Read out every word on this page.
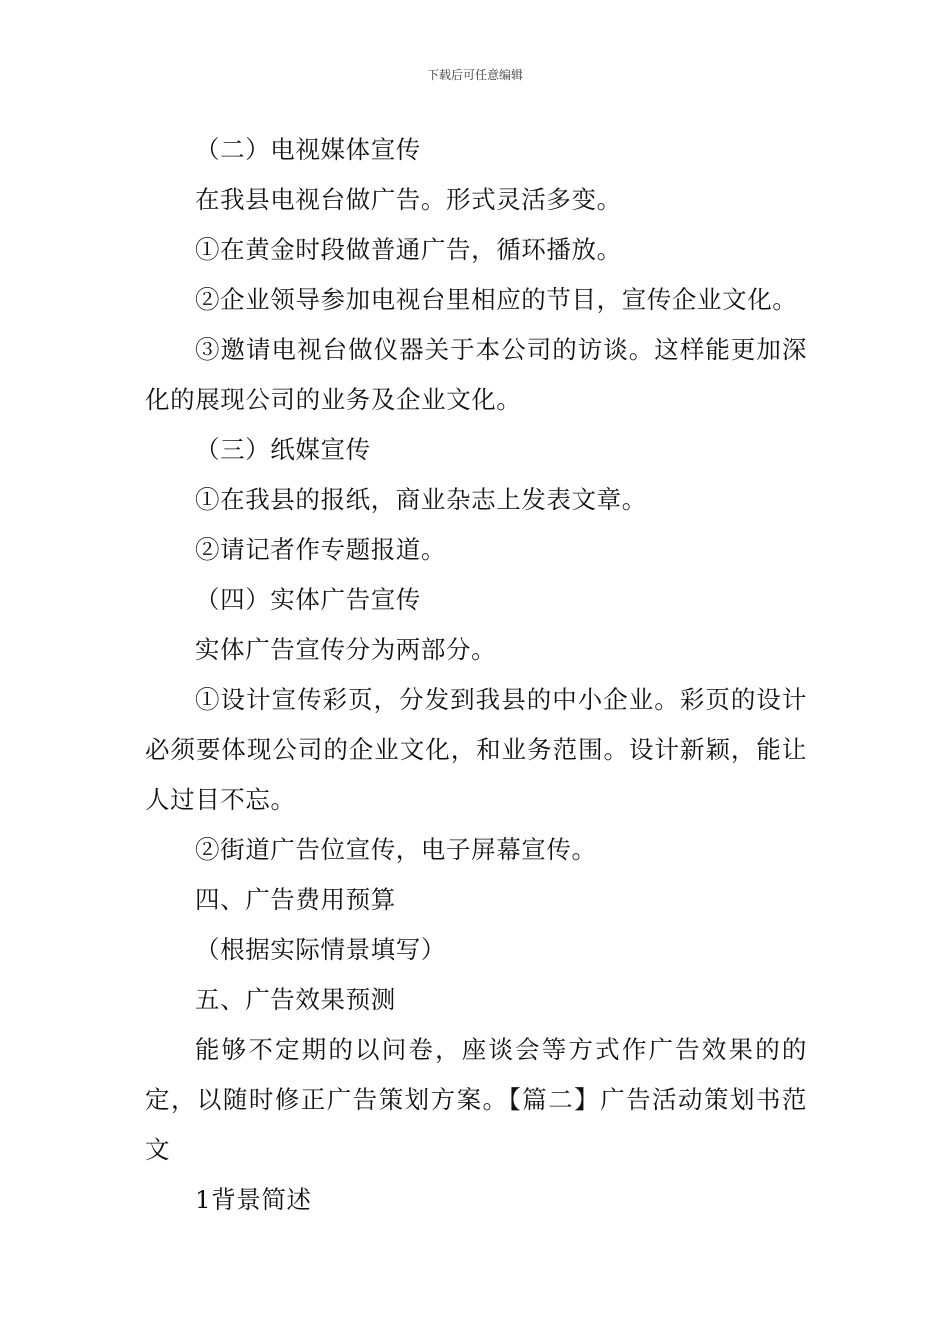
下载后可任意编辑

（二）电视媒体宣传

在我县电视台做广告。形式灵活多变。

①在黄金时段做普通广告，循环播放。

②企业领导参加电视台里相应的节目，宣传企业文化。

③邀请电视台做仪器关于本公司的访谈。这样能更加深化的展现公司的业务及企业文化。

（三）纸媒宣传

①在我县的报纸，商业杂志上发表文章。

②请记者作专题报道。

（四）实体广告宣传

实体广告宣传分为两部分。

①设计宣传彩页，分发到我县的中小企业。彩页的设计必须要体现公司的企业文化，和业务范围。设计新颖，能让人过目不忘。

②街道广告位宣传，电子屏幕宣传。

四、广告费用预算

（根据实际情景填写）

五、广告效果预测

能够不定期的以问卷，座谈会等方式作广告效果的的定，以随时修正广告策划方案。【篇二】广告活动策划书范文

1背景简述
